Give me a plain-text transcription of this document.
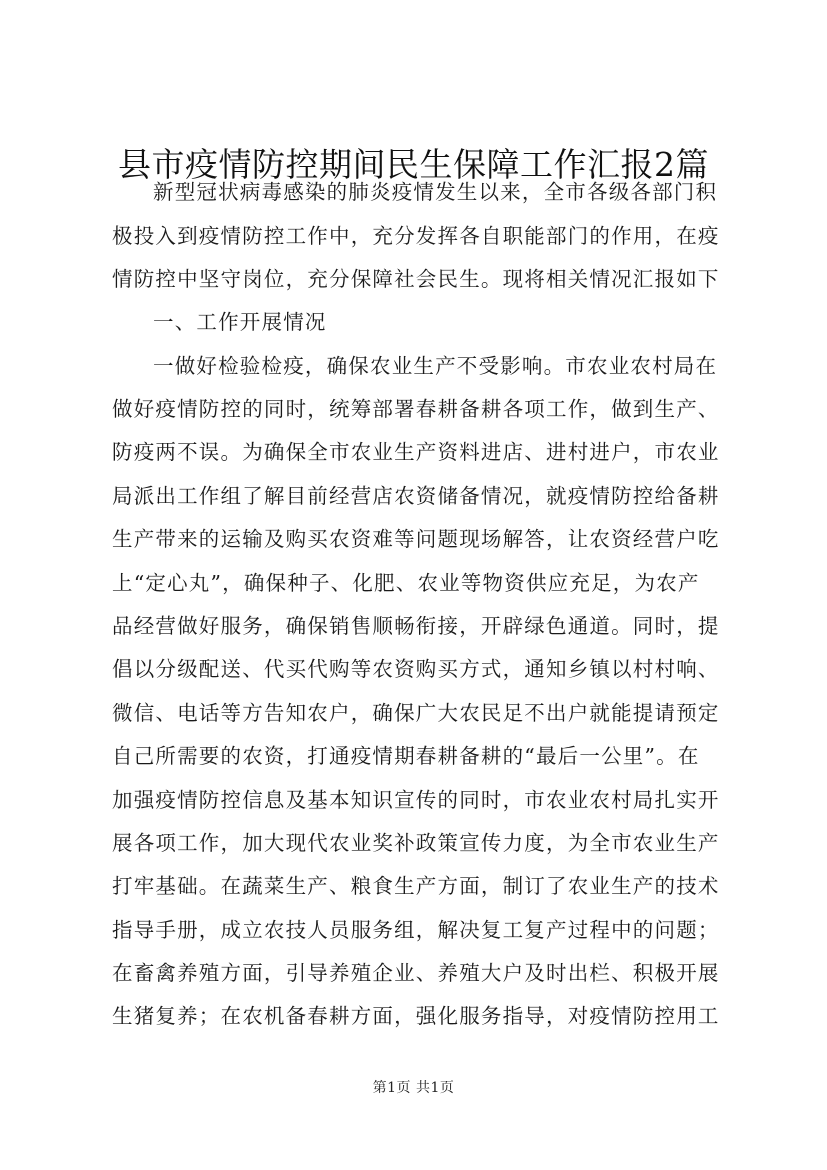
县市疫情防控期间民生保障工作汇报2篇
新型冠状病毒感染的肺炎疫情发生以来，全市各级各部门积
极投入到疫情防控工作中，充分发挥各自职能部门的作用，在疫
情防控中坚守岗位，充分保障社会民生。现将相关情况汇报如下
一、工作开展情况
一做好检验检疫，确保农业生产不受影响。市农业农村局在
做好疫情防控的同时，统筹部署春耕备耕各项工作，做到生产、
防疫两不误。为确保全市农业生产资料进店、进村进户，市农业
局派出工作组了解目前经营店农资储备情况，就疫情防控给备耕
生产带来的运输及购买农资难等问题现场解答，让农资经营户吃
上“定心丸”，确保种子、化肥、农业等物资供应充足，为农产
品经营做好服务，确保销售顺畅衔接，开辟绿色通道。同时，提
倡以分级配送、代买代购等农资购买方式，通知乡镇以村村响、
微信、电话等方告知农户，确保广大农民足不出户就能提请预定
自己所需要的农资，打通疫情期春耕备耕的“最后一公里”。在
加强疫情防控信息及基本知识宣传的同时，市农业农村局扎实开
展各项工作，加大现代农业奖补政策宣传力度，为全市农业生产
打牢基础。在蔬菜生产、粮食生产方面，制订了农业生产的技术
指导手册，成立农技人员服务组，解决复工复产过程中的问题；
在畜禽养殖方面，引导养殖企业、养殖大户及时出栏、积极开展
生猪复养；在农机备春耕方面，强化服务指导，对疫情防控用工
第1页 共1页
